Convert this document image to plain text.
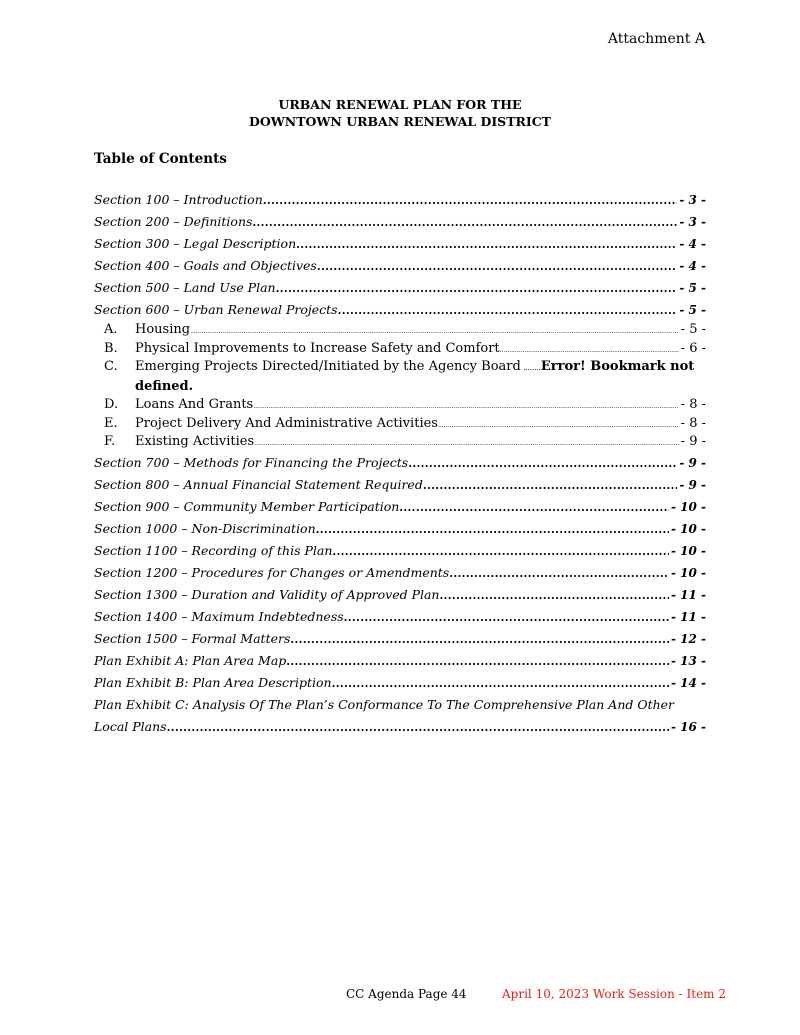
Attachment A
URBAN RENEWAL PLAN FOR THE
DOWNTOWN URBAN RENEWAL DISTRICT
Table of Contents
Section 100 – Introduction .....	- 3 -
Section 200 – Definitions .....	- 3 -
Section 300 – Legal Description .....	- 4 -
Section 400 – Goals and Objectives .....	- 4 -
Section 500 – Land Use Plan .....	- 5 -
Section 600 – Urban Renewal Projects .....	- 5 -
A.	Housing .....	- 5 -
B.	Physical Improvements to Increase Safety and Comfort .....	- 6 -
C.	Emerging Projects Directed/Initiated by the Agency Board ........Error! Bookmark not defined.
D.	Loans And Grants .....	- 8 -
E.	Project Delivery And Administrative Activities .....	- 8 -
F.	Existing Activities .....	- 9 -
Section 700 – Methods for Financing the Projects .....	- 9 -
Section 800 – Annual Financial Statement Required .....	- 9 -
Section 900 – Community Member Participation .....	- 10 -
Section 1000 – Non-Discrimination .....	- 10 -
Section 1100 – Recording of this Plan .....	- 10 -
Section 1200 – Procedures for Changes or Amendments .....	- 10 -
Section 1300 – Duration and Validity of Approved Plan .....	- 11 -
Section 1400 – Maximum Indebtedness .....	- 11 -
Section 1500 – Formal Matters .....	- 12 -
Plan Exhibit A: Plan Area Map .....	- 13 -
Plan Exhibit B: Plan Area Description .....	- 14 -
Plan Exhibit C: Analysis Of The Plan’s Conformance To The Comprehensive Plan And Other
Local Plans .....	- 16 -
CC Agenda Page 44	April 10, 2023 Work Session - Item 2
